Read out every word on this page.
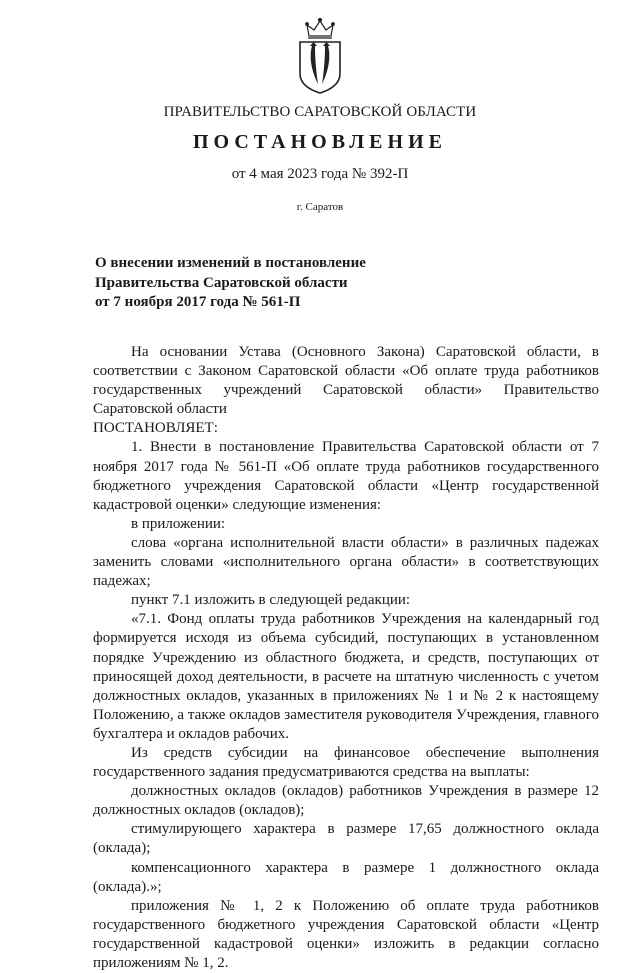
ПРАВИТЕЛЬСТВО САРАТОВСКОЙ ОБЛАСТИ
ПОСТАНОВЛЕНИЕ
от 4 мая 2023 года № 392-П
г. Саратов
О внесении изменений в постановление
Правительства Саратовской области
от 7 ноября 2017 года № 561-П

На основании Устава (Основного Закона) Саратовской области, в соответствии с Законом Саратовской области «Об оплате труда работников государственных учреждений Саратовской области» Правительство Саратовской области

ПОСТАНОВЛЯЕТ:

1. Внести в постановление Правительства Саратовской области от 7 ноября 2017 года № 561-П «Об оплате труда работников государственного бюджетного учреждения Саратовской области «Центр государственной кадастровой оценки» следующие изменения:

в приложении:

слова «органа исполнительной власти области» в различных падежах заменить словами «исполнительного органа области» в соответствующих падежах;

пункт 7.1 изложить в следующей редакции:

«7.1. Фонд оплаты труда работников Учреждения на календарный год формируется исходя из объема субсидий, поступающих в установленном порядке Учреждению из областного бюджета, и средств, поступающих от приносящей доход деятельности, в расчете на штатную численность с учетом должностных окладов, указанных в приложениях № 1 и № 2 к настоящему Положению, а также окладов заместителя руководителя Учреждения, главного бухгалтера и окладов рабочих.

Из средств субсидии на финансовое обеспечение выполнения государственного задания предусматриваются средства на выплаты:

должностных окладов (окладов) работников Учреждения в размере 12 должностных окладов (окладов);

стимулирующего характера в размере 17,65 должностного оклада (оклада);

компенсационного характера в размере 1 должностного оклада (оклада).»;

приложения № 1, 2 к Положению об оплате труда работников государственного бюджетного учреждения Саратовской области «Центр государственной кадастровой оценки» изложить в редакции согласно приложениям № 1, 2.
